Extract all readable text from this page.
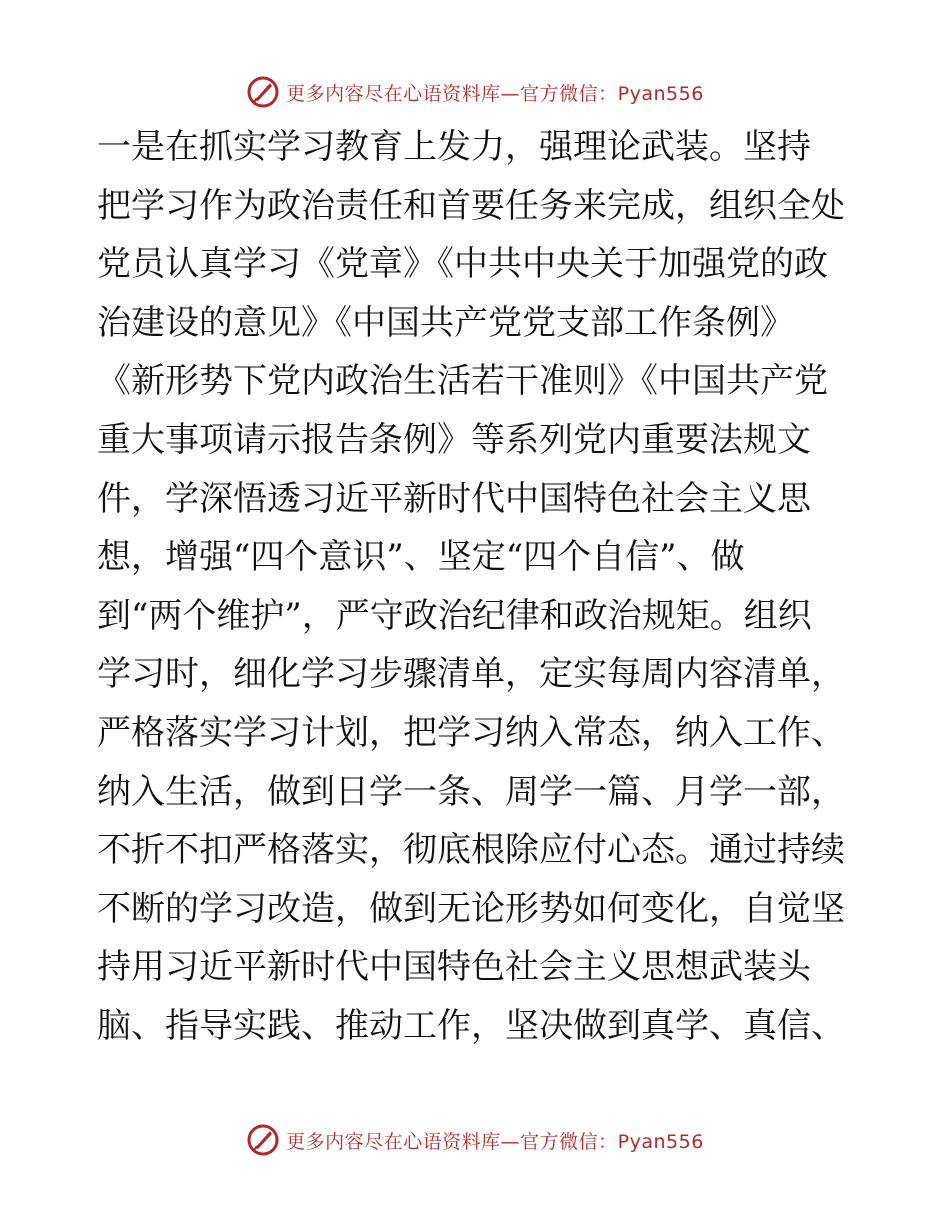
更多内容尽在心语资料库—官方微信：Pyan556
一是在抓实学习教育上发力，强理论武装。坚持
把学习作为政治责任和首要任务来完成，组织全处
党员认真学习《党章》《中共中央关于加强党的政
治建设的意见》《中国共产党党支部工作条例》
《新形势下党内政治生活若干准则》《中国共产党
重大事项请示报告条例》等系列党内重要法规文
件，学深悟透习近平新时代中国特色社会主义思
想，增强“四个意识”、坚定“四个自信”、做
到“两个维护”，严守政治纪律和政治规矩。组织
学习时，细化学习步骤清单，定实每周内容清单，
严格落实学习计划，把学习纳入常态，纳入工作、
纳入生活，做到日学一条、周学一篇、月学一部，
不折不扣严格落实，彻底根除应付心态。通过持续
不断的学习改造，做到无论形势如何变化，自觉坚
持用习近平新时代中国特色社会主义思想武装头
脑、指导实践、推动工作，坚决做到真学、真信、
更多内容尽在心语资料库—官方微信：Pyan556
